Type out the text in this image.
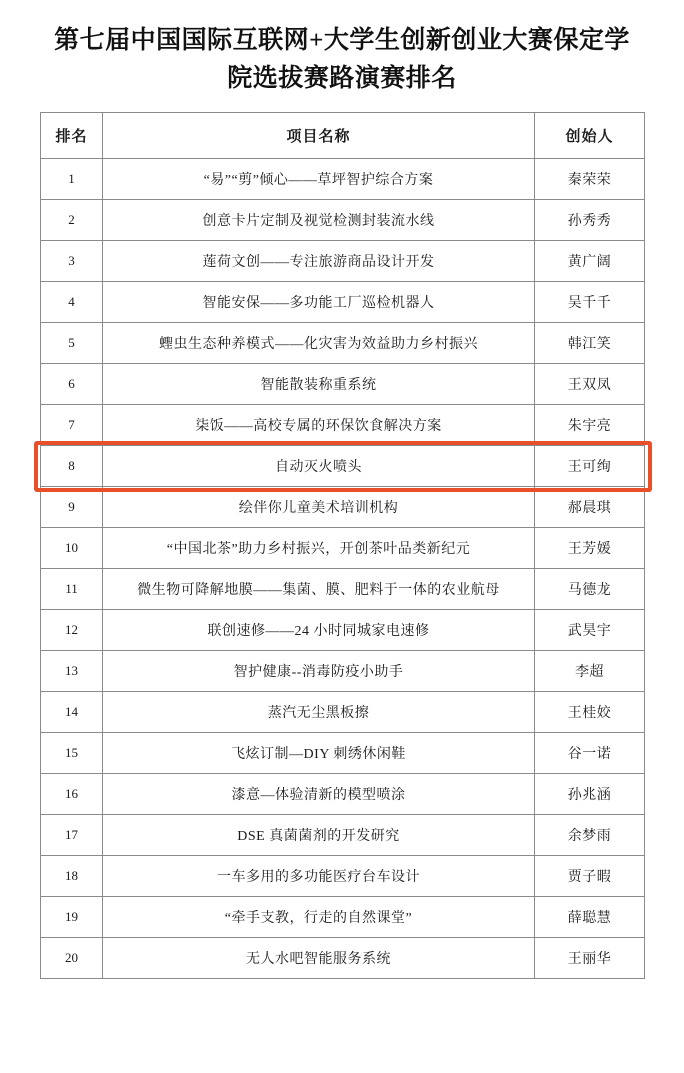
第七届中国国际互联网+大学生创新创业大赛保定学院选拔赛路演赛排名
排名	项目名称	创始人
1	“易”“剪”倾心——草坪智护综合方案	秦荣荣
2	创意卡片定制及视觉检测封装流水线	孙秀秀
3	莲荷文创——专注旅游商品设计开发	黄广阔
4	智能安保——多功能工厂巡检机器人	吴千千
5	蟶虫生态种养模式——化灾害为效益助力乡村振兴	韩江笑
6	智能散装称重系统	王双凤
7	柒饭——高校专属的环保饮食解决方案	朱宇亮
8	自动灭火喷头	王可绚
9	绘伴你儿童美术培训机构	郝晨琪
10	“中国北茶”助力乡村振兴，开创茶叶品类新纪元	王芳媛
11	微生物可降解地膜——集菌、膜、肥料于一体的农业航母	马德龙
12	联创速修——24 小时同城家电速修	武昊宇
13	智护健康--消毒防疫小助手	李超
14	蒸汽无尘黑板擦	王桂姣
15	飞炫订制—DIY 刺绣休闲鞋	谷一诺
16	漆意—体验清新的模型喷涂	孙兆涵
17	DSE 真菌菌剂的开发研究	余梦雨
18	一车多用的多功能医疗台车设计	贾子暇
19	“牵手支教，行走的自然课堂”	薛聪慧
20	无人水吧智能服务系统	王丽华
